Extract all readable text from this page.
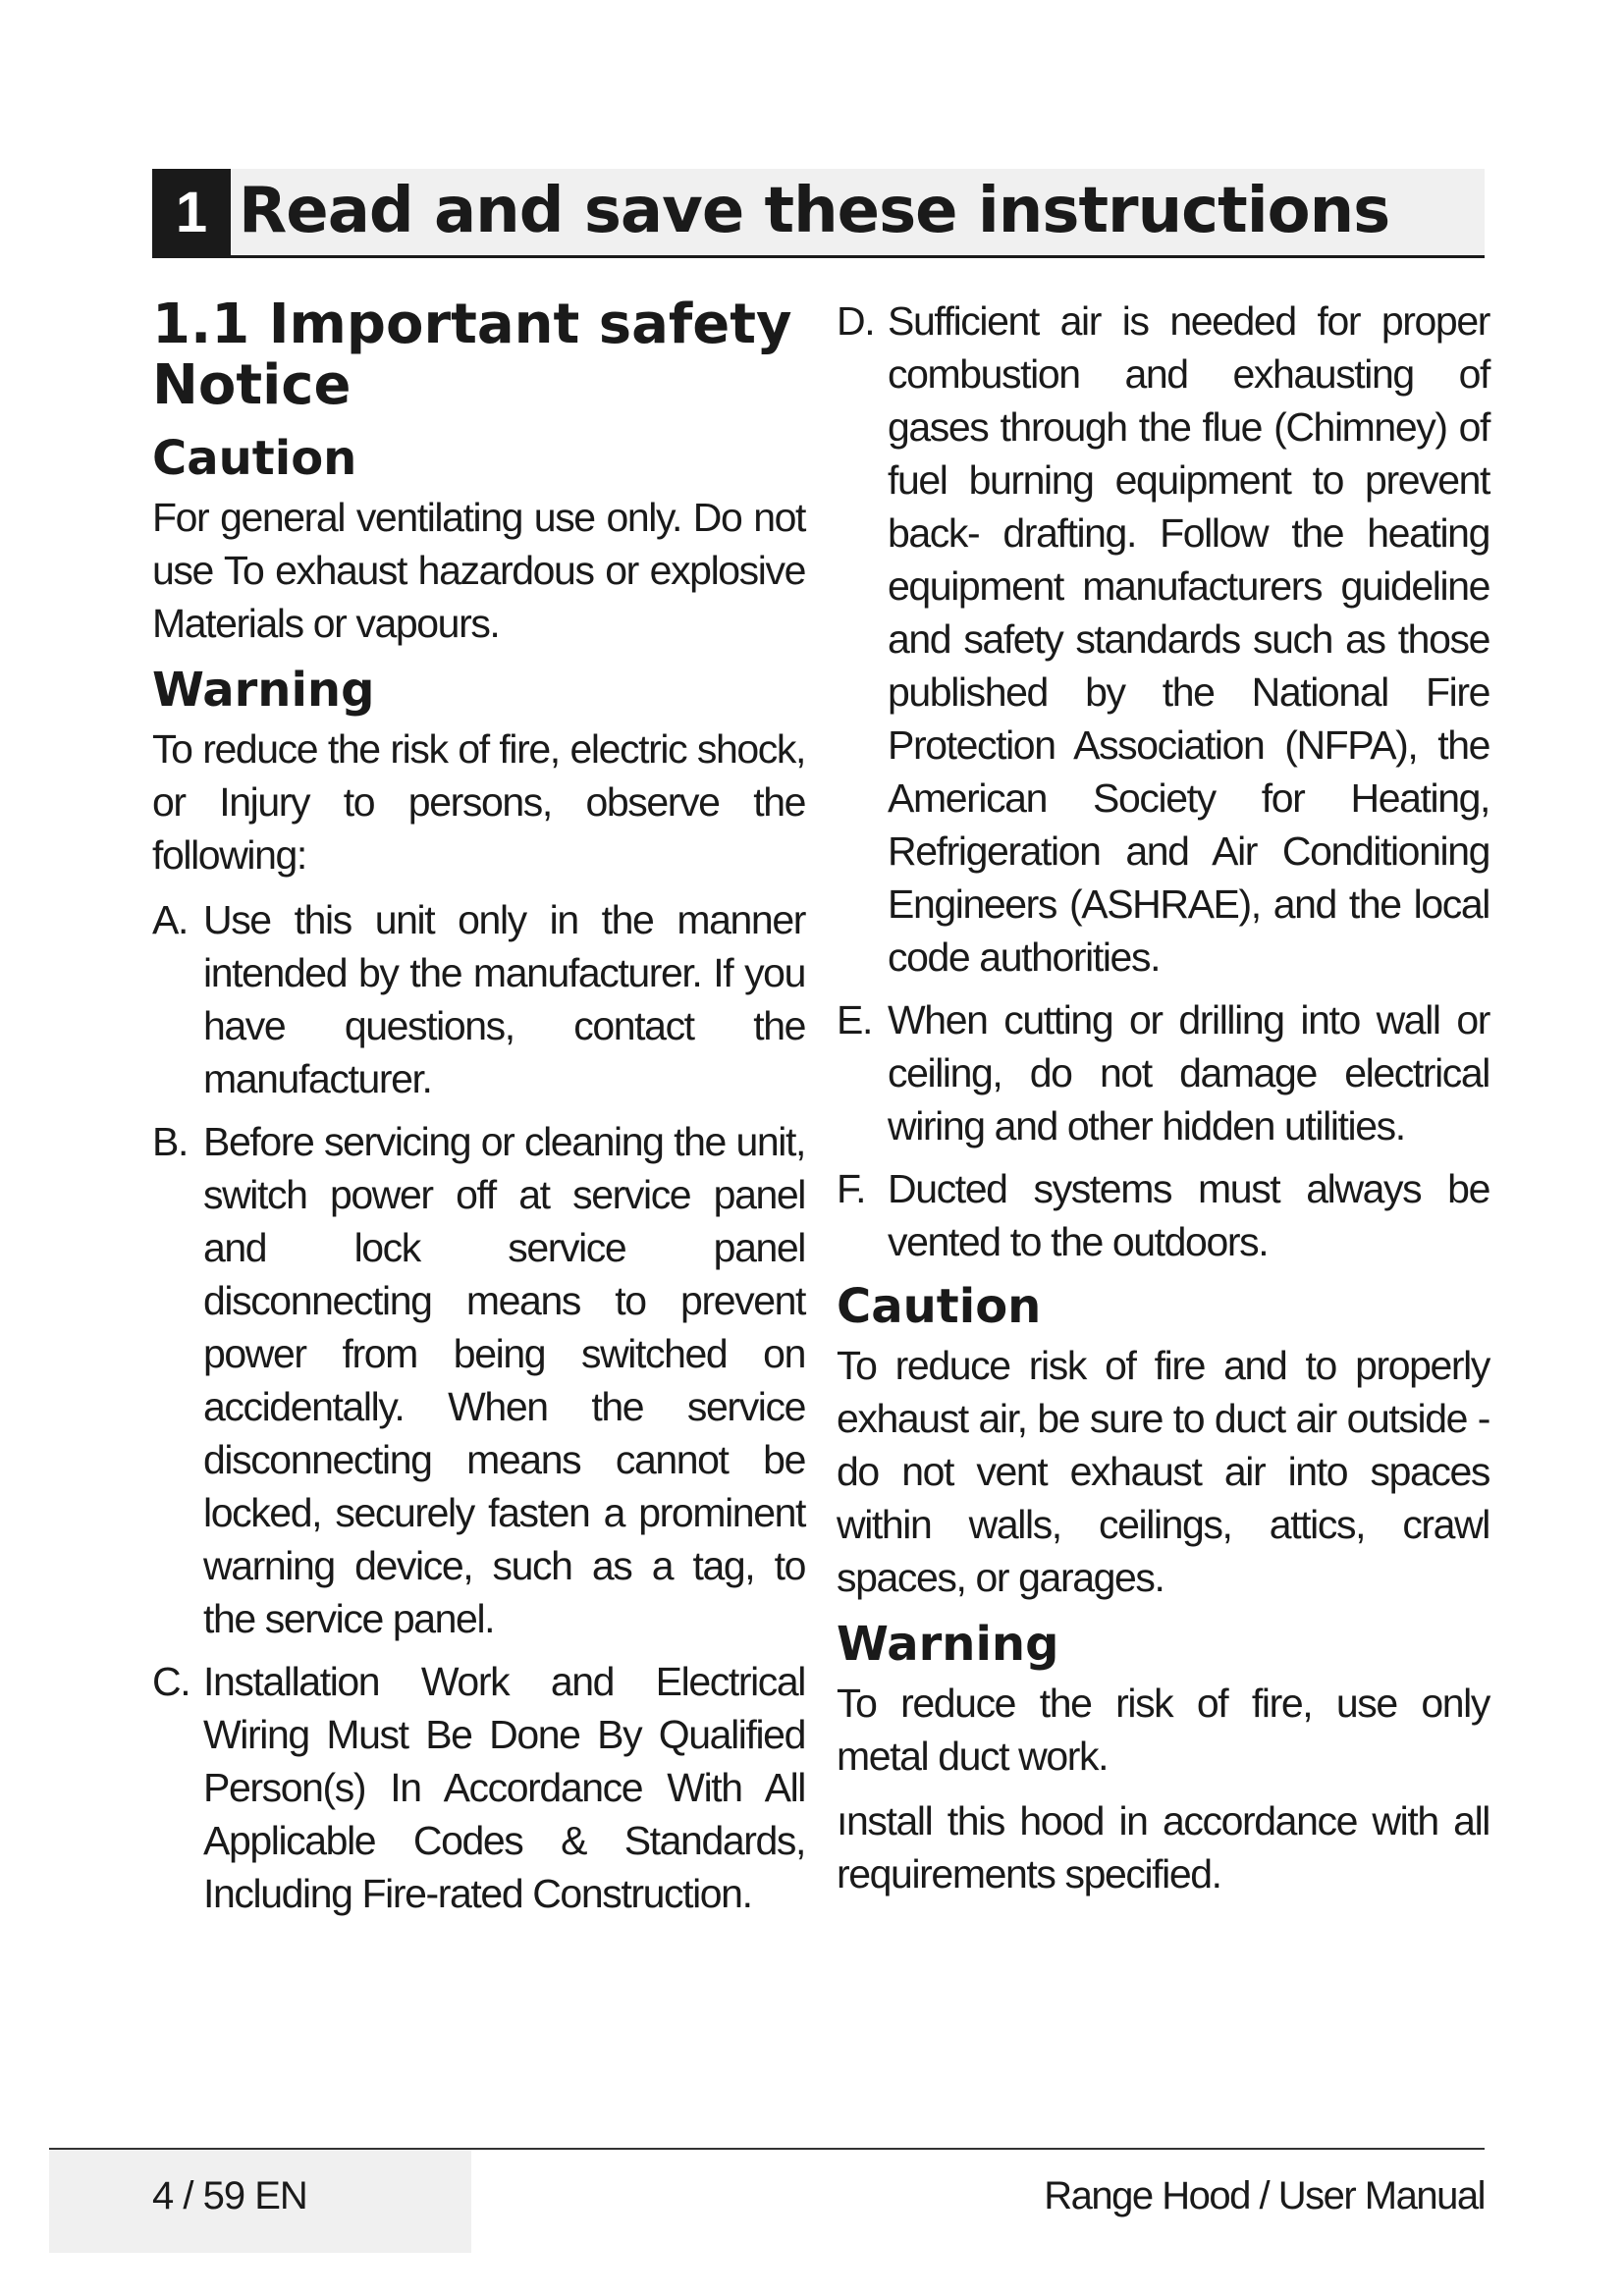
1 Read and save these instructions
1.1 Important safety Notice
Caution
For general ventilating use only. Do not use To exhaust hazardous or explosive Materials or vapours.
Warning
To reduce the risk of fire, electric shock, or Injury to persons, observe the following:
A. Use this unit only in the manner intended by the manufacturer. If you have questions, contact the manufacturer.
B. Before servicing or cleaning the unit, switch power off at service panel and lock service panel disconnecting means to prevent power from being switched on accidentally. When the service disconnecting means cannot be locked, securely fasten a prominent warning device, such as a tag, to the service panel.
C. Installation Work and Electrical Wiring Must Be Done By Qualified Person(s) In Accordance With All Applicable Codes & Standards, Including Fire-rated Construction.
D. Sufficient air is needed for proper combustion and exhausting of gases through the flue (Chimney) of fuel burning equipment to prevent back- drafting. Follow the heating equipment manufacturers guideline and safety standards such as those published by the National Fire Protection Association (NFPA), the American Society for Heating, Refrigeration and Air Conditioning Engineers (ASHRAE), and the local code authorities.
E. When cutting or drilling into wall or ceiling, do not damage electrical wiring and other hidden utilities.
F. Ducted systems must always be vented to the outdoors.
Caution
To reduce risk of fire and to properly exhaust air, be sure to duct air outside - do not vent exhaust air into spaces within walls, ceilings, attics, crawl spaces, or garages.
Warning
To reduce the risk of fire, use only metal duct work.
ınstall this hood in accordance with all requirements specified.
4 / 59 EN	Range Hood / User Manual
